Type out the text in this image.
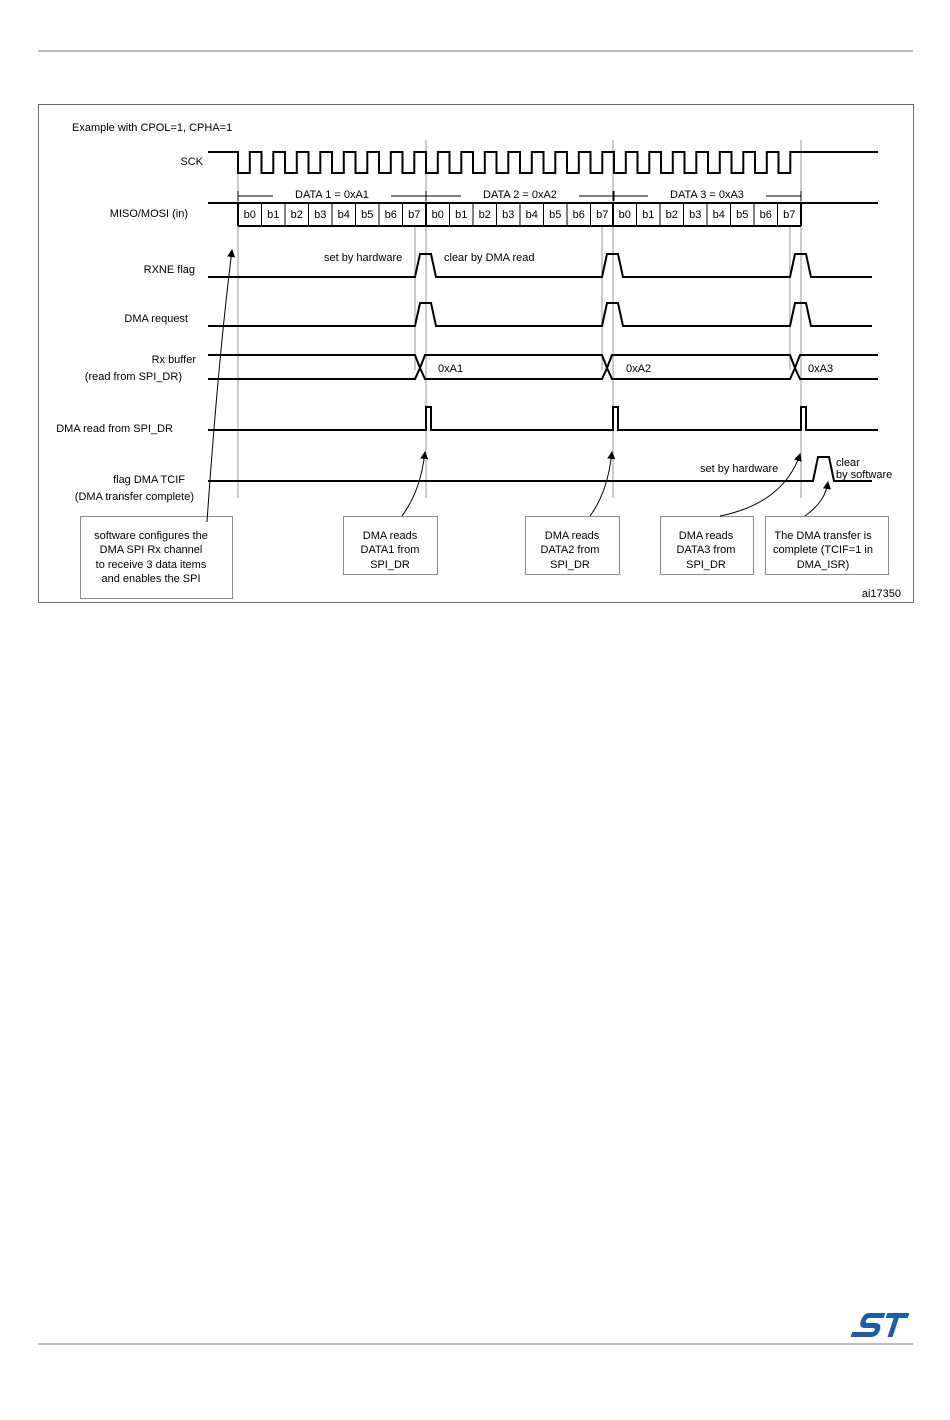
Example with CPOL=1, CPHA=1
SCK
MISO/MOSI (in)
RXNE flag
DMA request
Rx buffer
(read from SPI_DR)
DMA read from SPI_DR
flag DMA TCIF
(DMA transfer complete)
DATA 1 = 0xA1	DATA 2 = 0xA2	DATA 3 = 0xA3
b0 b1 b2 b3 b4 b5 b6 b7 b0 b1 b2 b3 b4 b5 b6 b7 b0 b1 b2 b3 b4 b5 b6 b7
set by hardware	clear by DMA read
0xA1	0xA2	0xA3
set by hardware	clear
by software
software configures the
DMA SPI Rx channel
to receive 3 data items
and enables the SPI
DMA reads
DATA1 from
SPI_DR
DMA reads
DATA2 from
SPI_DR
DMA reads
DATA3 from
SPI_DR
The DMA transfer is
complete (TCIF=1 in
DMA_ISR)
ai17350
